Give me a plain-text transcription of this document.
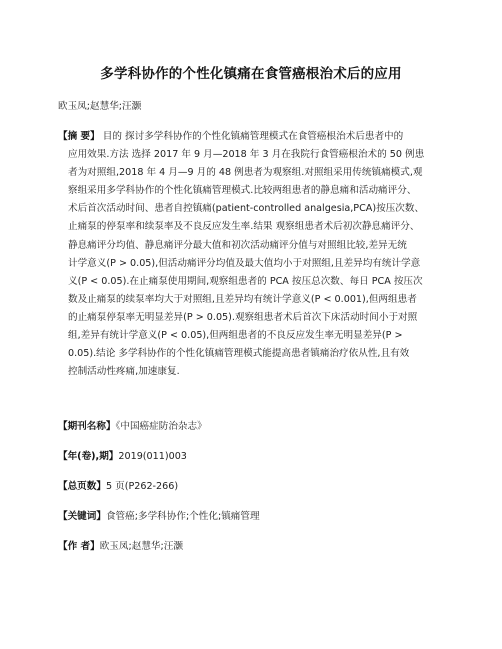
多学科协作的个性化镇痛在食管癌根治术后的应用
欧玉凤;赵慧华;汪灏
【摘 要】 目的 探讨多学科协作的个性化镇痛管理模式在食管癌根治术后患者中的
应用效果.方法 选择 2017 年 9 月—2018 年 3 月在我院行食管癌根治术的 50 例患
者为对照组,2018 年 4 月—9 月的 48 例患者为观察组.对照组采用传统镇痛模式,观
察组采用多学科协作的个性化镇痛管理模式.比较两组患者的静息痛和活动痛评分、
术后首次活动时间、患者自控镇痛(patient-controlled analgesia,PCA)按压次数、
止痛泵的停泵率和续泵率及不良反应发生率.结果 观察组患者术后初次静息痛评分、
静息痛评分均值、静息痛评分最大值和初次活动痛评分值与对照组比较,差异无统
计学意义(P > 0.05),但活动痛评分均值及最大值均小于对照组,且差异均有统计学意
义(P < 0.05).在止痛泵使用期间,观察组患者的 PCA 按压总次数、每日 PCA 按压次
数及止痛泵的续泵率均大于对照组,且差异均有统计学意义(P < 0.001),但两组患者
的止痛泵停泵率无明显差异(P > 0.05).观察组患者术后首次下床活动时间小于对照
组,差异有统计学意义(P < 0.05),但两组患者的不良反应发生率无明显差异(P >
0.05).结论 多学科协作的个性化镇痛管理模式能提高患者镇痛治疗依从性,且有效
控制活动性疼痛,加速康复.
【期刊名称】《中国癌症防治杂志》
【年(卷),期】2019(011)003
【总页数】5 页(P262-266)
【关键词】食管癌;多学科协作;个性化;镇痛管理
【作 者】欧玉凤;赵慧华;汪灏
